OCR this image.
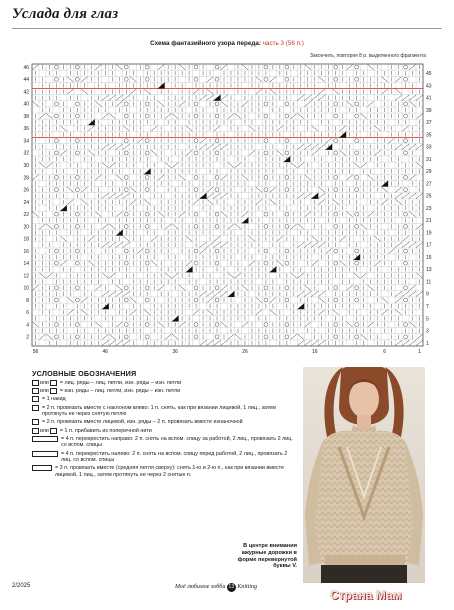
Услада для глаз
Схема фантазийного узора переда: часть 3 (56 п.)
Закончить, повторяя 8 р. выделенного фрагмента
46
44
42
40
38
36
34
32
30
28
26
24
22
20
18
16
14
12
10
8
6
4
2
45
43
41
39
37
35
33
31
29
27
25
23
21
19
17
15
13
11
9
7
5
3
1
56	46	36	26	16	6	1
УСЛОВНЫЕ ОБОЗНАЧЕНИЯ
или = лиц. ряды – лиц. петли, изн. ряды – изн. петли
или = изн. ряды – лиц. петли, изн. ряды – изн. петли
= 1 накид
= 2 п. провязать вместе с наклоном влево: 1 п. снять, как при вязании лицевой, 1 лиц., затем протянуть ее через снятую петлю
= 2 п. провязать вместе лицевой, изн. ряды – 2 п. провязать вместе изнаночной
или = 1 п. прибавить из поперечной нити
= 4 п. перекрестить направо: 2 п. снять на вспом. спицу за работой, 2 лиц., провязать 2 лиц. со вспом. спицы
= 4 п. перекрестить налево: 2 п. снять на вспом. спицу перед работой, 2 лиц., провязать 2 лиц. со вспом. спицы
= 3 п. провязать вместе (средняя петля сверху): снять 1-ю и 2-ю п., как при вязании вместе лицевой, 1 лиц., затем протянуть ее через 2 снятые п.
В центре внимания ажурные дорожки в форме перевернутой буквы V.
2/2025	Моё любимое хобби 13 Knitting
Страна Мам
